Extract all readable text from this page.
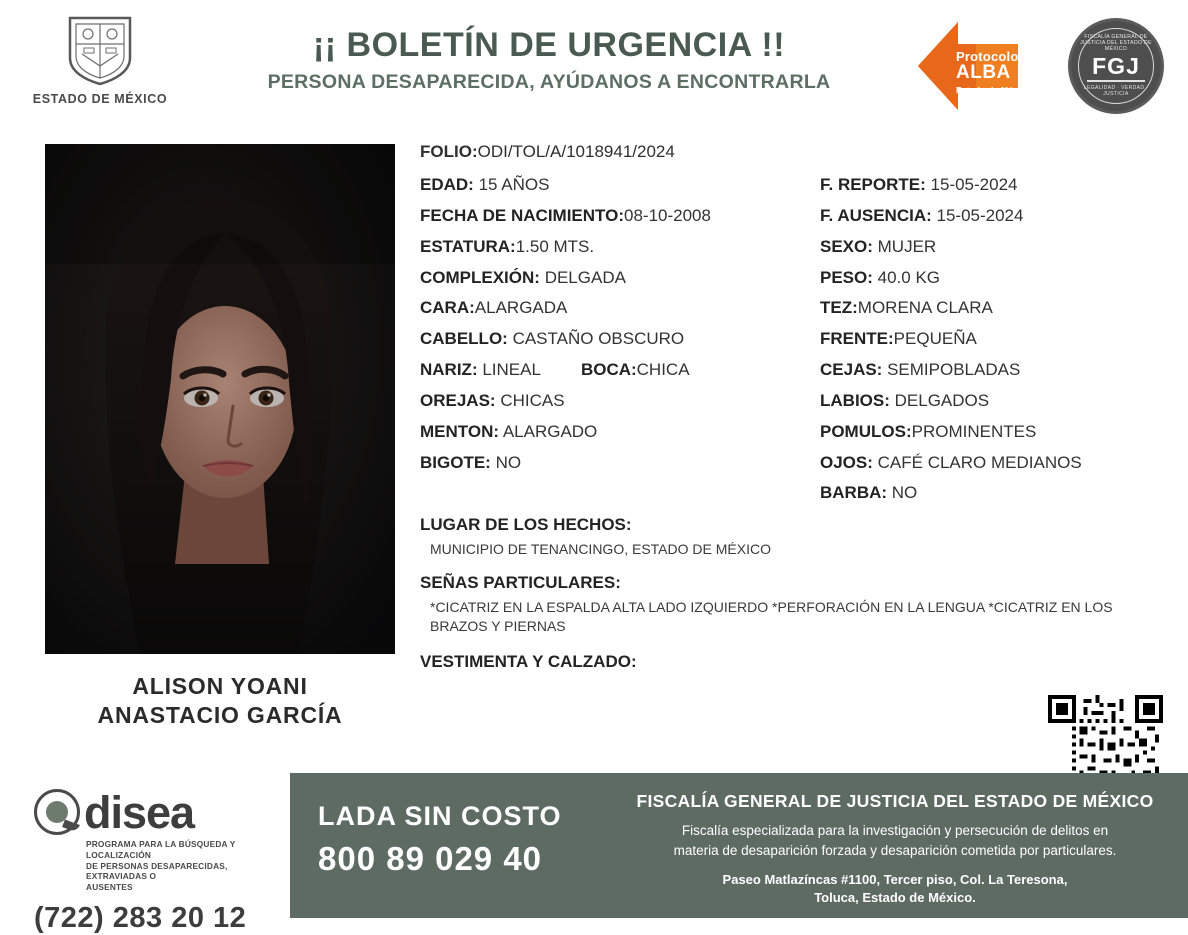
ESTADO DE MÉXICO
¡¡ BOLETÍN DE URGENCIA !!
PERSONA DESAPARECIDA, AYÚDANOS A ENCONTRARLA
Protocolo
ALBA
Estado de México
FISCALÍA GENERAL DE JUSTICIA DEL ESTADO DE MÉXICO
FGJ
LEGALIDAD · VERDAD · JUSTICIA
ALISON YOANI
ANASTACIO GARCÍA
FOLIO:ODI/TOL/A/1018941/2024
EDAD: 15 AÑOS
FECHA DE NACIMIENTO:08-10-2008
ESTATURA:1.50 MTS.
COMPLEXIÓN: DELGADA
CARA:ALARGADA
CABELLO: CASTAÑO OBSCURO
NARIZ: LINEAL BOCA:CHICA
OREJAS: CHICAS
MENTON: ALARGADO
BIGOTE: NO
F. REPORTE: 15-05-2024
F. AUSENCIA: 15-05-2024
SEXO: MUJER
PESO: 40.0 KG
TEZ:MORENA CLARA
FRENTE:PEQUEÑA
CEJAS: SEMIPOBLADAS
LABIOS: DELGADOS
POMULOS:PROMINENTES
OJOS: CAFÉ CLARO MEDIANOS
BARBA: NO
LUGAR DE LOS HECHOS:
MUNICIPIO DE TENANCINGO, ESTADO DE MÉXICO
SEÑAS PARTICULARES:
*CICATRIZ EN LA ESPALDA ALTA LADO IZQUIERDO *PERFORACIÓN EN LA LENGUA *CICATRIZ EN LOS BRAZOS Y PIERNAS
VESTIMENTA Y CALZADO:
disea
PROGRAMA PARA LA BÚSQUEDA Y LOCALIZACIÓN
DE PERSONAS DESAPARECIDAS, EXTRAVIADAS O
AUSENTES
(722) 283 20 12
LADA SIN COSTO
800 89 029 40
FISCALÍA GENERAL DE JUSTICIA DEL ESTADO DE MÉXICO
Fiscalía especializada para la investigación y persecución de delitos en
materia de desaparición forzada y desaparición cometida por particulares.
Paseo Matlazíncas #1100, Tercer piso, Col. La Teresona,
Toluca, Estado de México.
